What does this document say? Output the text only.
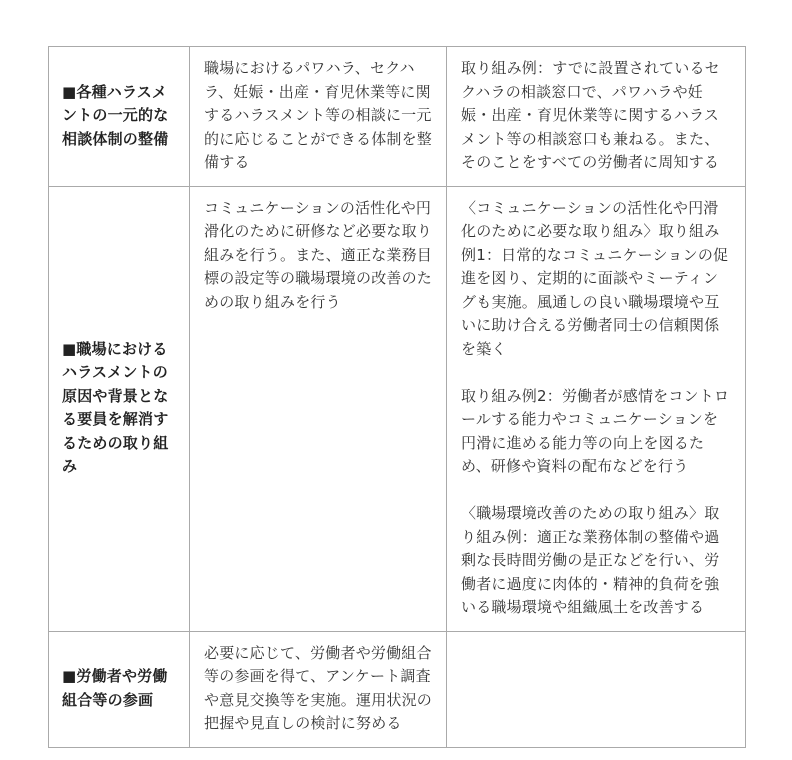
■各種ハラスメントの一元的な相談体制の整備	職場におけるパワハラ、セクハラ、妊娠・出産・育児休業等に関するハラスメント等の相談に一元的に応じることができる体制を整備する	取り組み例：すでに設置されているセクハラの相談窓口で、パワハラや妊娠・出産・育児休業等に関するハラスメント等の相談窓口も兼ねる。また、そのことをすべての労働者に周知する

■職場におけるハラスメントの原因や背景となる要員を解消するための取り組み	コミュニケーションの活性化や円滑化のために研修など必要な取り組みを行う。また、適正な業務目標の設定等の職場環境の改善のための取り組みを行う	〈コミュニケーションの活性化や円滑化のために必要な取り組み〉取り組み例1：日常的なコミュニケーションの促進を図り、定期的に面談やミーティングも実施。風通しの良い職場環境や互いに助け合える労働者同士の信頼関係を築く
取り組み例2：労働者が感情をコントロールする能力やコミュニケーションを円滑に進める能力等の向上を図るため、研修や資料の配布などを行う
〈職場環境改善のための取り組み〉取り組み例：適正な業務体制の整備や過剰な長時間労働の是正などを行い、労働者に過度に肉体的・精神的負荷を強いる職場環境や組織風土を改善する

■労働者や労働組合等の参画	必要に応じて、労働者や労働組合等の参画を得て、アンケート調査や意見交換等を実施。運用状況の把握や見直しの検討に努める	
